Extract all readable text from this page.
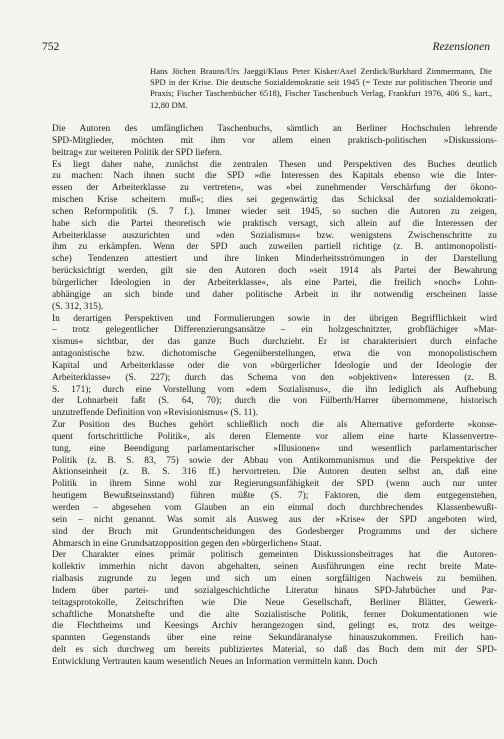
752	Rezensionen
Hans Jöchen Brauns/Urs Jaeggi/Klaus Peter Kisker/Axel Zerdick/Burkhard Zimmermann, Die SPD in der Krise. Die deutsche Sozialdemokratie seit 1945 (= Texte zur politischen Theorie und Praxis; Fischer Taschenbücher 6518), Fischer Taschenbuch Verlag, Frankfurt 1976, 406 S., kart., 12,80 DM.
Die Autoren des umfänglichen Taschenbuchs, sämtlich an Berliner Hochschulen lehrende
SPD-Mitglieder, möchten mit ihm vor allem einen praktisch-politischen »Diskussions-
beitrag« zur weiteren Politik der SPD liefern.
Es liegt daher nahe, zunächst die zentralen Thesen und Perspektiven des Buches deutlich
zu machen: Nach ihnen sucht die SPD »die Interessen des Kapitals ebenso wie die Inter-
essen der Arbeiterklasse zu vertreten«, was »bei zunehmender Verschärfung der ökono-
mischen Krise scheitern muß«; dies sei gegenwärtig das Schicksal der sozialdemokrati-
schen Reformpolitik (S. 7 f.). Immer wieder seit 1945, so suchen die Autoren zu zeigen,
habe sich die Partei theoretisch wie praktisch versagt, sich allein auf die Interessen der
Arbeiterklasse auszurichten und »den Sozialismus« bzw. wenigstens Zwischenschritte zu
ihm zu erkämpfen. Wenn der SPD auch zuweilen partiell richtige (z. B. antimonopolisti-
sche) Tendenzen attestiert und ihre linken Minderheitsströmungen in der Darstellung
berücksichtigt werden, gilt sie den Autoren doch »seit 1914 als Partei der Bewahrung
bürgerlicher Ideologien in der Arbeiterklasse«, als eine Partei, die freilich »noch« Lohn-
abhängige an sich binde und daher politische Arbeit in ihr notwendig erscheinen lasse
(S. 312, 315).
In derartigen Perspektiven und Formulierungen sowie in der übrigen Begrifflichkeit wird
– trotz gelegentlicher Differenzierungsansätze – ein holzgeschnitzter, grobflächiger »Mar-
xismus« sichtbar, der das ganze Buch durchzieht. Er ist charakterisiert durch einfache
antagonistische bzw. dichotomische Gegenüberstellungen, etwa die von monopolistischem
Kapital und Arbeiterklasse oder die von »bürgerlicher Ideologie und der Ideologie der
Arbeiterklasse« (S. 227); durch das Schema von den »objektiven« Interessen (z. B.
S. 171); durch eine Vorstellung vom »dem Sozialismus«, die ihn lediglich als Aufhebung
der Lohnarbeit faßt (S. 64, 70); durch die von Fülberth/Harrer übernommene, historisch
unzutreffende Definition von »Revisionismus« (S. 11).
Zur Position des Buches gehört schließlich noch die als Alternative geforderte »konse-
quent fortschrittliche Politik«, als deren Elemente vor allem eine harte Klassenvertre-
tung, eine Beendigung parlamentarischer »Illusionen« und wesentlich parlamentarischer
Politik (z. B. S. 83, 75) sowie der Abbau von Antikommunismus und die Perspektive der
Aktionseinheit (z. B. S. 316 ff.) hervortreten. Die Autoren deuten selbst an, daß eine
Politik in ihrem Sinne wohl zur Regierungsunfähigkeit der SPD (wenn auch nur unter
heutigem Bewußtseinsstand) führen müßte (S. 7); Faktoren, die dem entgegenstehen,
werden – abgesehen vom Glauben an ein einmal doch durchbrechendes Klassenbewußt-
sein – nicht genannt. Was somit als Ausweg aus der »Krise« der SPD angeboten wird,
sind der Bruch mit Grundentscheidungen des Godesberger Programms und der sichere
Abmarsch in eine Grundsatzopposition gegen den »bürgerlichen« Staat.
Der Charakter eines primär politisch gemeinten Diskussionsbeitrages hat die Autoren-
kollektiv immerhin nicht davon abgehalten, seinen Ausführungen eine recht breite Mate-
rialbasis zugrunde zu legen und sich um einen sorgfältigen Nachweis zu bemühen.
Indem über partei- und sozialgeschichtliche Literatur hinaus SPD-Jahrbücher und Par-
teitagsprotokolle, Zeitschriften wie Die Neue Gesellschaft, Berliner Blätter, Gewerk-
schaftliche Monatshefte und die alte Sozialistische Politik, ferner Dokumentationen wie
die Flechtheims und Keesings Archiv herangezogen sind, gelingt es, trotz des weitge-
spannten Gegenstands über eine reine Sekundäranalyse hinauszukommen. Freilich han-
delt es sich durchweg um bereits publiziertes Material, so daß das Buch dem mit der SPD-
Entwicklung Vertrauten kaum wesentlich Neues an Information vermitteln kann. Doch
